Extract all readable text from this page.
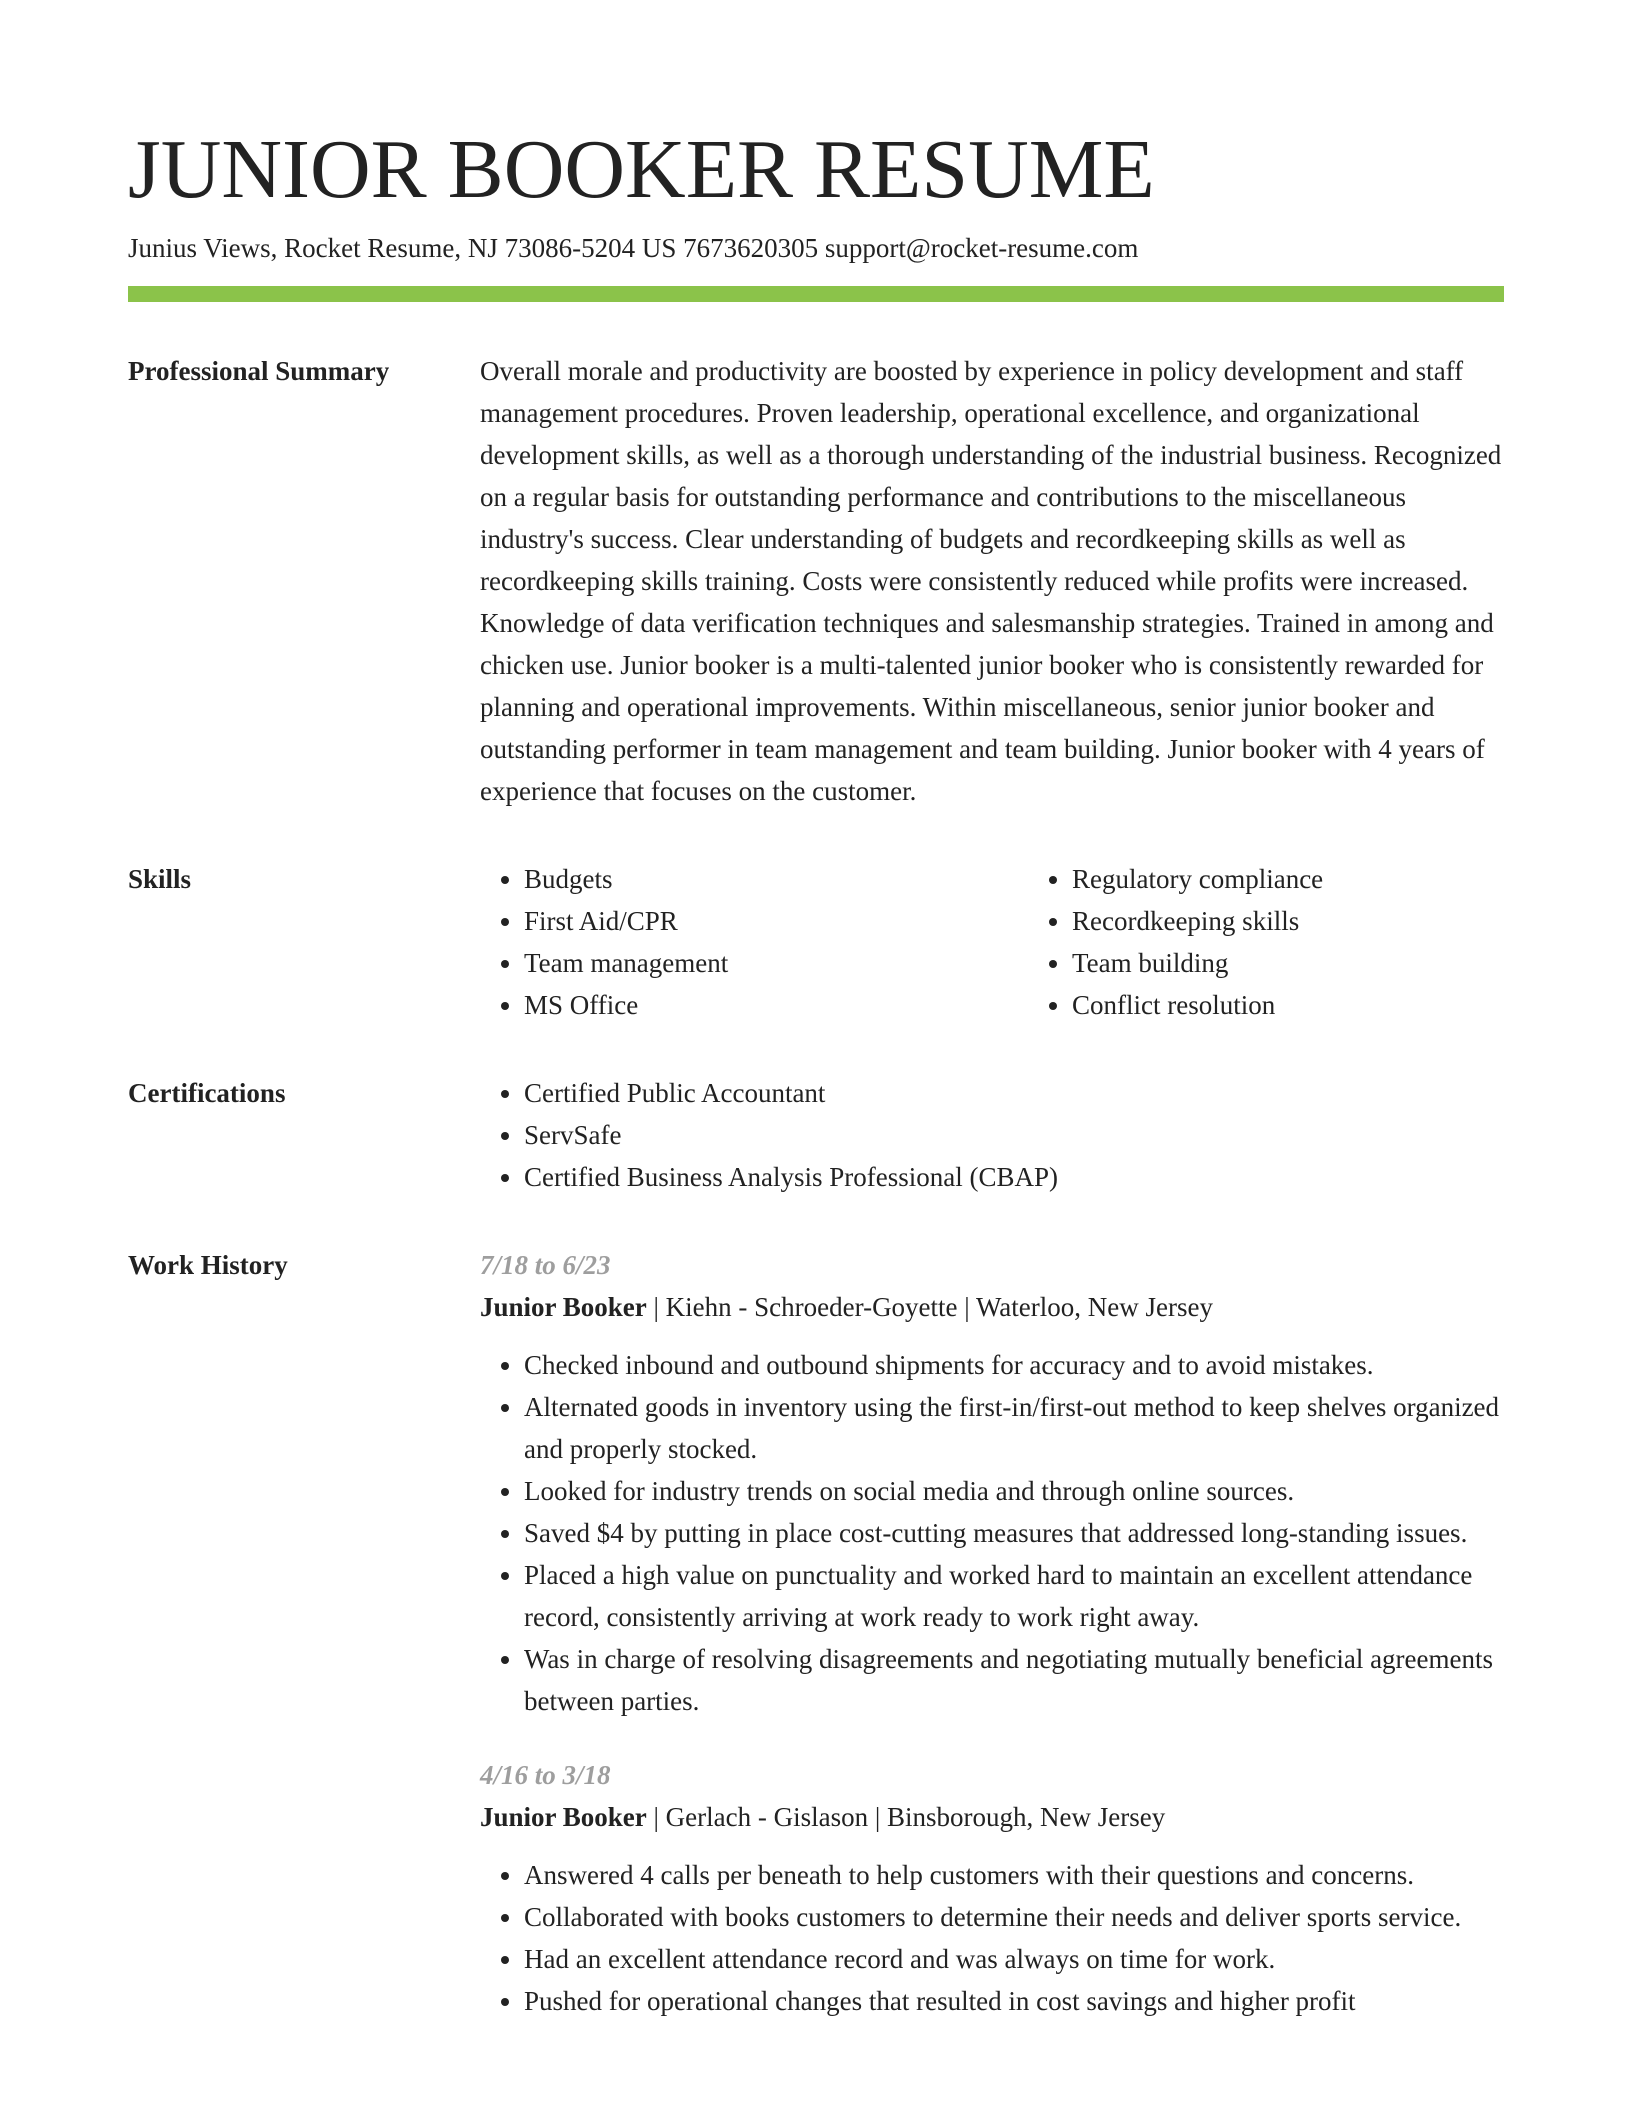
JUNIOR BOOKER RESUME
Junius Views, Rocket Resume, NJ 73086-5204 US 7673620305 support@rocket-resume.com
Professional Summary	Overall morale and productivity are boosted by experience in policy development and staff management procedures. Proven leadership, operational excellence, and organizational development skills, as well as a thorough understanding of the industrial business. Recognized on a regular basis for outstanding performance and contributions to the miscellaneous industry's success. Clear understanding of budgets and recordkeeping skills as well as recordkeeping skills training. Costs were consistently reduced while profits were increased. Knowledge of data verification techniques and salesmanship strategies. Trained in among and chicken use. Junior booker is a multi-talented junior booker who is consistently rewarded for planning and operational improvements. Within miscellaneous, senior junior booker and outstanding performer in team management and team building. Junior booker with 4 years of experience that focuses on the customer.

Skills	• Budgets
• First Aid/CPR
• Team management
• MS Office
• Regulatory compliance
• Recordkeeping skills
• Team building
• Conflict resolution
Certifications	• Certified Public Accountant
• ServSafe
• Certified Business Analysis Professional (CBAP)
Work History	7/18 to 6/23
Junior Booker | Kiehn - Schroeder-Goyette | Waterloo, New Jersey
• Checked inbound and outbound shipments for accuracy and to avoid mistakes.
• Alternated goods in inventory using the first-in/first-out method to keep shelves organized and properly stocked.
• Looked for industry trends on social media and through online sources.
• Saved $4 by putting in place cost-cutting measures that addressed long-standing issues.
• Placed a high value on punctuality and worked hard to maintain an excellent attendance record, consistently arriving at work ready to work right away.
• Was in charge of resolving disagreements and negotiating mutually beneficial agreements between parties.
4/16 to 3/18
Junior Booker | Gerlach - Gislason | Binsborough, New Jersey
• Answered 4 calls per beneath to help customers with their questions and concerns.
• Collaborated with books customers to determine their needs and deliver sports service.
• Had an excellent attendance record and was always on time for work.
• Pushed for operational changes that resulted in cost savings and higher profit
